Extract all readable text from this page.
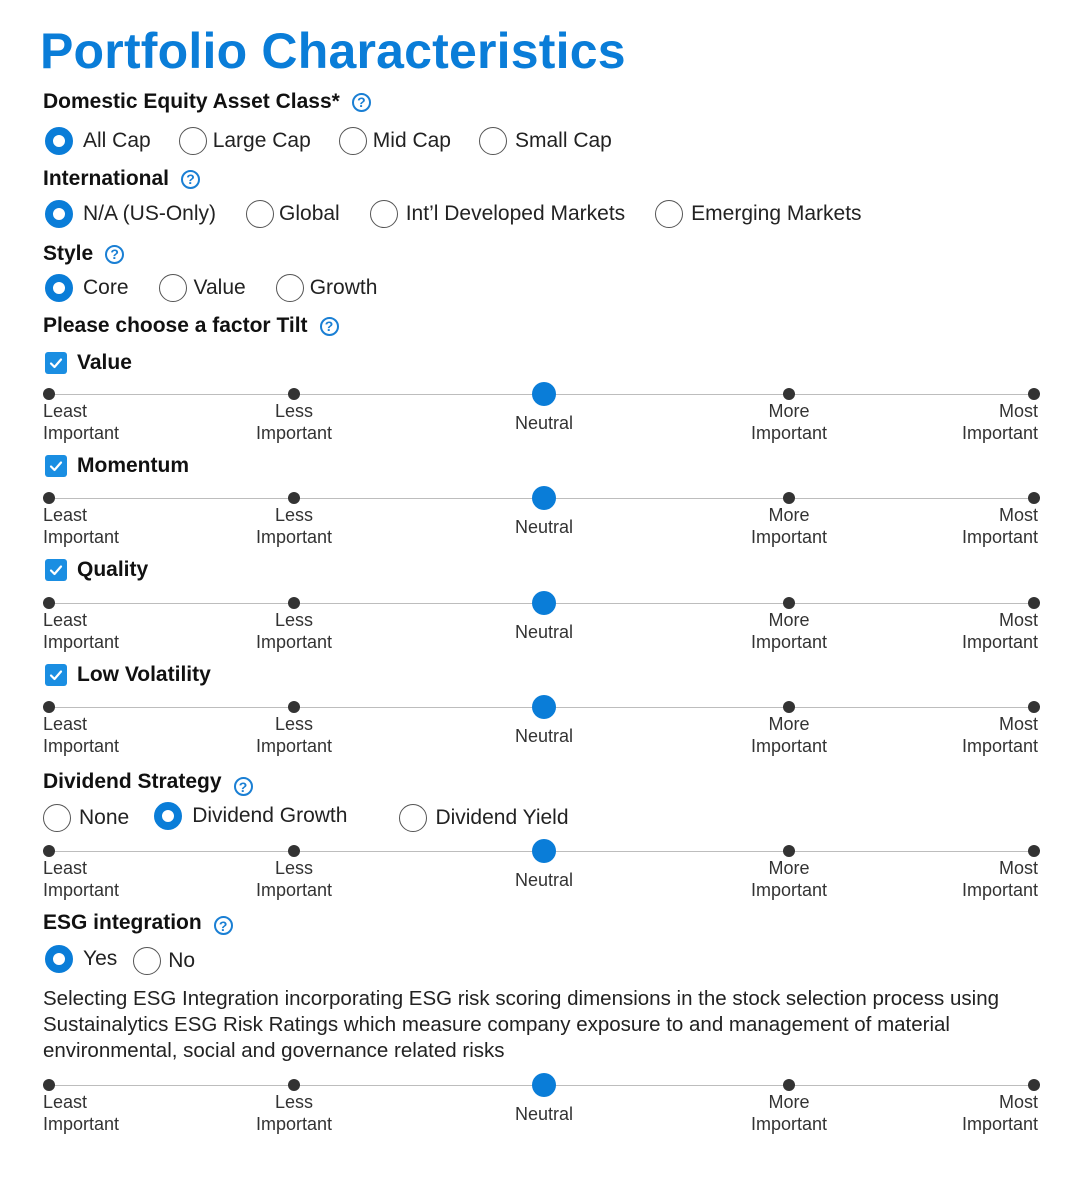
Portfolio Characteristics
Domestic Equity Asset Class*	?
All Cap	Large Cap	Mid Cap	Small Cap
International	?
N/A (US-Only)	Global	Int’l Developed Markets	Emerging Markets
Style	?
Core	Value	Growth
Please choose a factor Tilt	?
Value
Least
Important
Less
Important	Neutral
More
Important
Most
Important
Momentum
Least
Important
Less
Important	Neutral
More
Important
Most
Important
Quality
Least
Important
Less
Important	Neutral
More
Important
Most
Important
Low Volatility
Least
Important
Less
Important	Neutral
More
Important
Most
Important
Dividend Strategy	?
None	Dividend Growth	Dividend Yield
Least
Important
Less
Important	Neutral
More
Important
Most
Important
ESG integration	?
Yes No
Selecting ESG Integration incorporating ESG risk scoring dimensions in the stock selection process using Sustainalytics ESG Risk Ratings which measure company exposure to and management of material environmental, social and governance related risks
Least
Important
Less
Important	Neutral
More
Important
Most
Important
